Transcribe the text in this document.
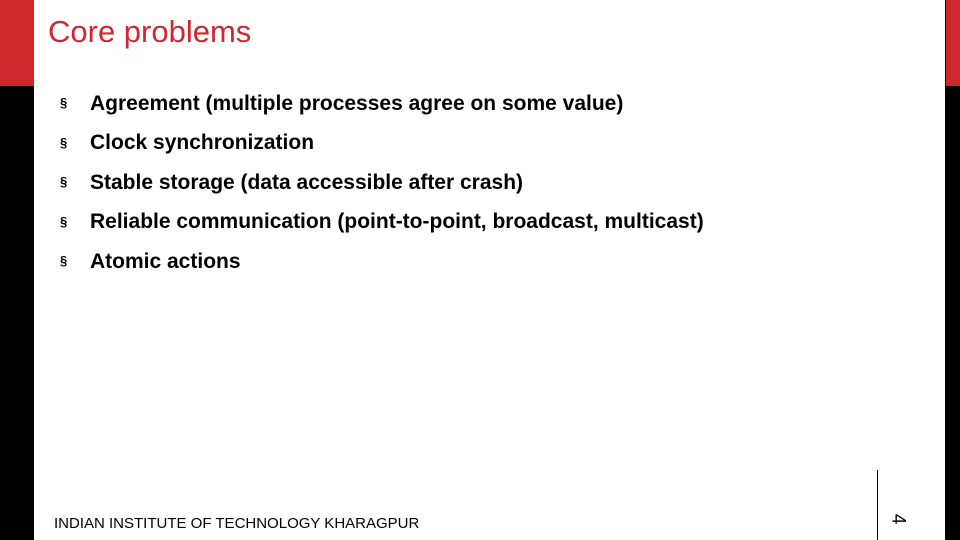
Core problems
§	Agreement (multiple processes agree on some value)
§	Clock synchronization
§	Stable storage (data accessible after crash)
§	Reliable communication (point-to-point, broadcast, multicast)
§	Atomic actions
INDIAN INSTITUTE OF TECHNOLOGY KHARAGPUR	4
